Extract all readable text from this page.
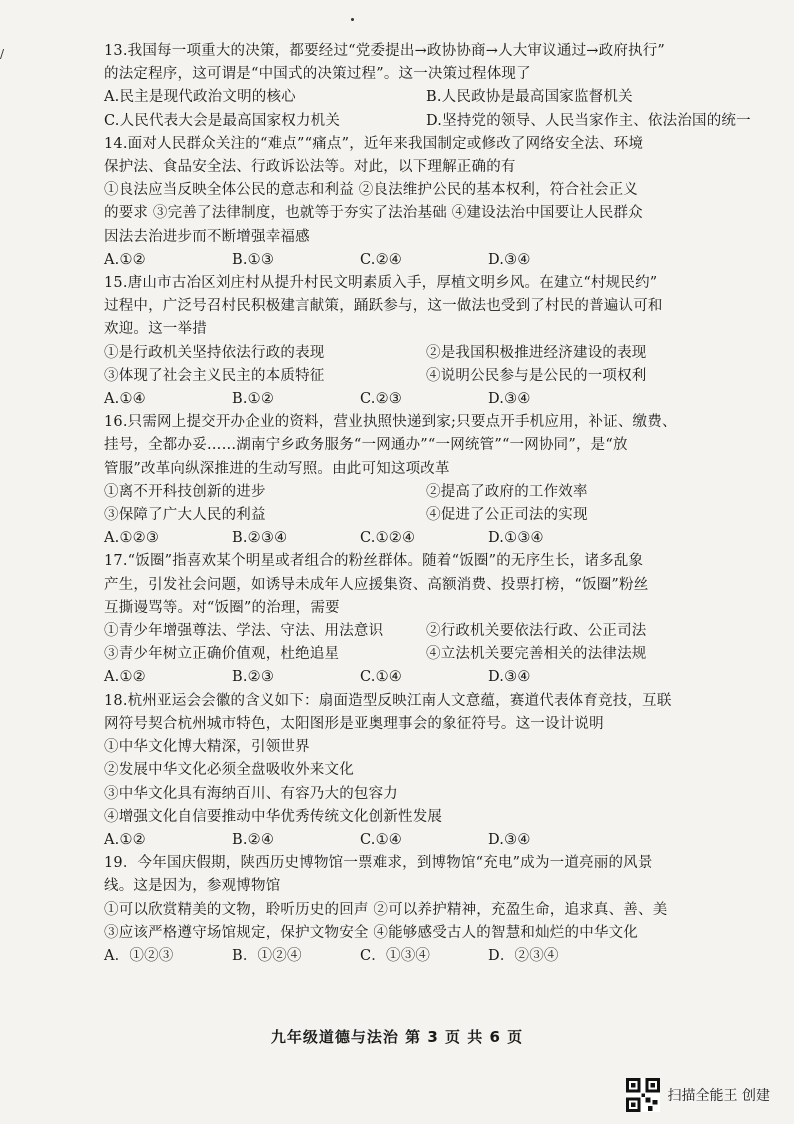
/	13.我国每一项重大的决策，都要经过“党委提出→政协协商→人大审议通过→政府执行”
的法定程序，这可谓是“中国式的决策过程”。这一决策过程体现了
A.民主是现代政治文明的核心	B.人民政协是最高国家监督机关
C.人民代表大会是最高国家权力机关	D.坚持党的领导、人民当家作主、依法治国的统一
14.面对人民群众关注的“难点”“痛点”，近年来我国制定或修改了网络安全法、环境
保护法、食品安全法、行政诉讼法等。对此，以下理解正确的有
①良法应当反映全体公民的意志和利益 ②良法维护公民的基本权利，符合社会正义
的要求 ③完善了法律制度，也就等于夯实了法治基础 ④建设法治中国要让人民群众
因法去治进步而不断增强幸福感
A.①②	B.①③	C.②④	D.③④
15.唐山市古冶区刘庄村从提升村民文明素质入手，厚植文明乡风。在建立“村规民约”
过程中，广泛号召村民积极建言献策，踊跃参与，这一做法也受到了村民的普遍认可和
欢迎。这一举措
①是行政机关坚持依法行政的表现	②是我国积极推进经济建设的表现
③体现了社会主义民主的本质特征	④说明公民参与是公民的一项权利
A.①④	B.①②	C.②③	D.③④
16.只需网上提交开办企业的资料，营业执照快递到家;只要点开手机应用，补证、缴费、
挂号，全都办妥……湖南宁乡政务服务“一网通办”“一网统管”“一网协同”，是“放
管服”改革向纵深推进的生动写照。由此可知这项改革
①离不开科技创新的进步	②提高了政府的工作效率
③保障了广大人民的利益	④促进了公正司法的实现
A.①②③	B.②③④	C.①②④	D.①③④
17.“饭圈”指喜欢某个明星或者组合的粉丝群体。随着“饭圈”的无序生长，诸多乱象
产生，引发社会问题，如诱导未成年人应援集资、高额消费、投票打榜，“饭圈”粉丝
互撕谩骂等。对“饭圈”的治理，需要
①青少年增强尊法、学法、守法、用法意识	②行政机关要依法行政、公正司法
③青少年树立正确价值观，杜绝追星	④立法机关要完善相关的法律法规
A.①②	B.②③	C.①④	D.③④
18.杭州亚运会会徽的含义如下：扇面造型反映江南人文意蕴，赛道代表体育竞技，互联
网符号契合杭州城市特色，太阳图形是亚奥理事会的象征符号。这一设计说明
①中华文化博大精深，引领世界
②发展中华文化必须全盘吸收外来文化
③中华文化具有海纳百川、有容乃大的包容力
④增强文化自信要推动中华优秀传统文化创新性发展
A.①②	B.②④	C.①④	D.③④
19．今年国庆假期，陕西历史博物馆一票难求，到博物馆“充电”成为一道亮丽的风景
线。这是因为，参观博物馆
①可以欣赏精美的文物，聆听历史的回声 ②可以养护精神，充盈生命，追求真、善、美
③应该严格遵守场馆规定，保护文物安全 ④能够感受古人的智慧和灿烂的中华文化
A．①②③	B．①②④	C．①③④	D．②③④
九年级道德与法治 第 3 页 共 6 页
扫描全能王 创建
